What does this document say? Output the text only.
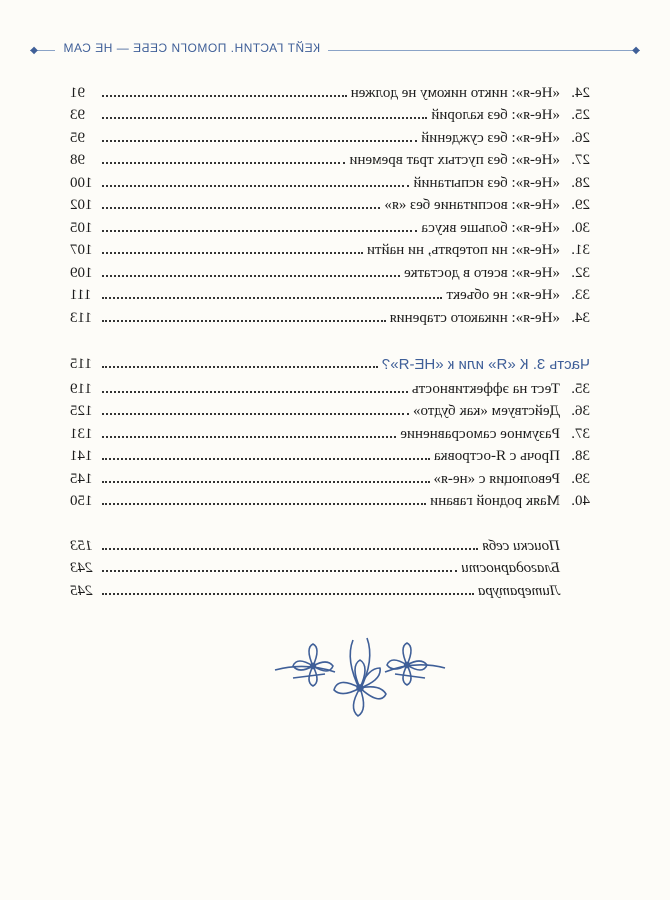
◆
◆	КЕЙТ ГАСТИН. ПОМОГИ СЕБЕ — НЕ САМ
24.
«Не-я»: никто никому не должен
91
25.
«Не-я»: без калорий
93
26.
«Не-я»: без суждений
95
27.
«Не-я»: без пустых трат времени
98
28.
«Не-я»: без испытаний
100
29.
«Не-я»: воспитание без «я»
102
30.
«Не-я»: больше вкуса
105
31.
«Не-я»: ни потерять, ни найти
107
32.
«Не-я»: всего в достатке
109
33.
«Не-я»: не объект
111
34.
«Не-я»: никакого старения
113
Часть 3. К «Я» или к «НЕ-Я»?
115
35.
Тест на эффективность
119
36.
Действуем «как будто»
125
37.
Разумное самосравнение
131
38.
Прочь с Я-островка
141
39.
Революция с «не-я»
145
40.
Маяк родной гавани
150
Поиски себя
153
Благодарности
243
Литература
245
